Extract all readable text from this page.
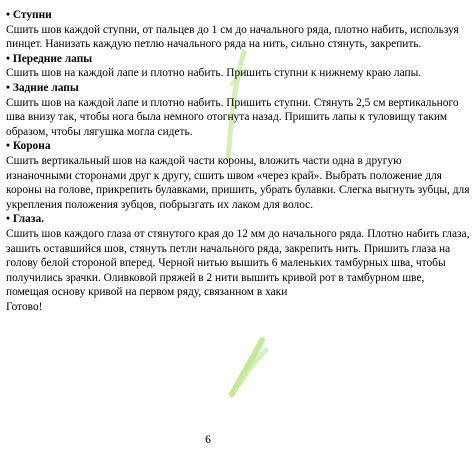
• Ступни

Сшить шов каждой ступни, от пальцев до 1 см до начального ряда, плотно набить, используя пинцет. Нанизать каждую петлю начального ряда на нить, сильно стянуть, закрепить.

• Передние лапы

Сшить шов на каждой лапе и плотно набить. Пришить ступни к нижнему краю лапы.

• Задние лапы

Сшить шов на каждой лапе и плотно набить. Пришить ступни. Стянуть 2,5 см вертикального шва внизу так, чтобы нога была немного отогнута назад. Пришить лапы к туловищу таким образом, чтобы лягушка могла сидеть.

• Корона

Сшить вертикальный шов на каждой части короны, вложить части одна в другую изнаночными сторонами друг к другу, сшить швом «через край». Выбрать положение для короны на голове, прикрепить булавками, пришить, убрать булавки. Слегка выгнуть зубцы, для укрепления положения зубцов, побрызгать их лаком для волос.

• Глаза.

Сшить шов каждого глаза от стянутого края до 12 мм до начального ряда. Плотно набить глаза, зашить оставшийся шов, стянуть петли начального ряда, закрепить нить. Пришить глаза на голову белой стороной вперед. Черной нитью вышить 6 маленьких тамбурных шва, чтобы получились зрачки. Оливковой пряжей в 2 нити вышить кривой рот в тамбурном шве, помещая основу кривой на первом ряду, связанном в хаки

Готово!

6
